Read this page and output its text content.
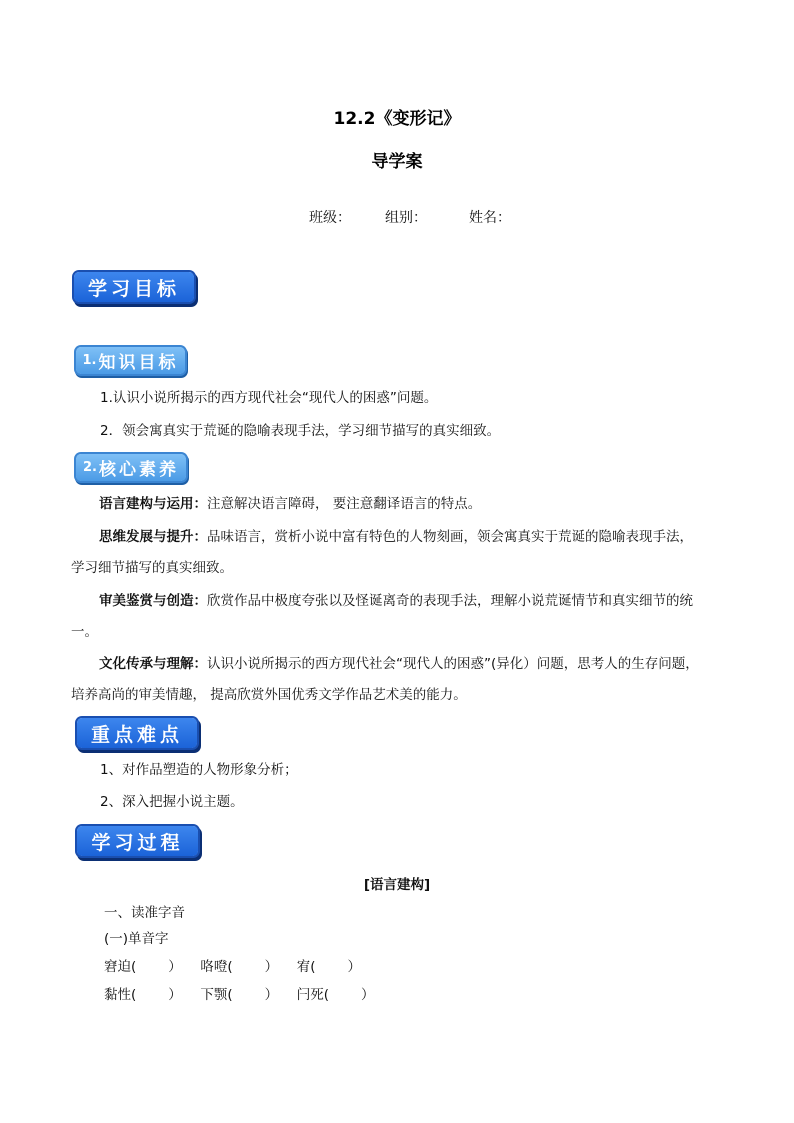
12.2《变形记》
导学案
班级： 组别：	姓名：
学习目标
1. 知识目标
1.认识小说所揭示的西方现代社会“现代人的困惑”问题。
2．领会寓真实于荒诞的隐喻表现手法，学习细节描写的真实细致。
2. 核心素养
语言建构与运用：注意解决语言障碍， 要注意翻译语言的特点。
思维发展与提升：品味语言，赏析小说中富有特色的人物刻画，领会寓真实于荒诞的隐喻表现手法，
学习细节描写的真实细致。
审美鉴赏与创造：欣赏作品中极度夸张以及怪诞离奇的表现手法，理解小说荒诞情节和真实细节的统
一。
文化传承与理解：认识小说所揭示的西方现代社会“现代人的困惑”(异化）问题，思考人的生存问题，
培养高尚的审美情趣， 提高欣赏外国优秀文学作品艺术美的能力。
重点难点
1、对作品塑造的人物形象分析；
2、深入把握小说主题。
学习过程
[语言建构]
一、读准字音
(一)单音字
窘迫( ） 咯噔( ） 宥( ）
黏性( ） 下颚( ） 闩死( ）
